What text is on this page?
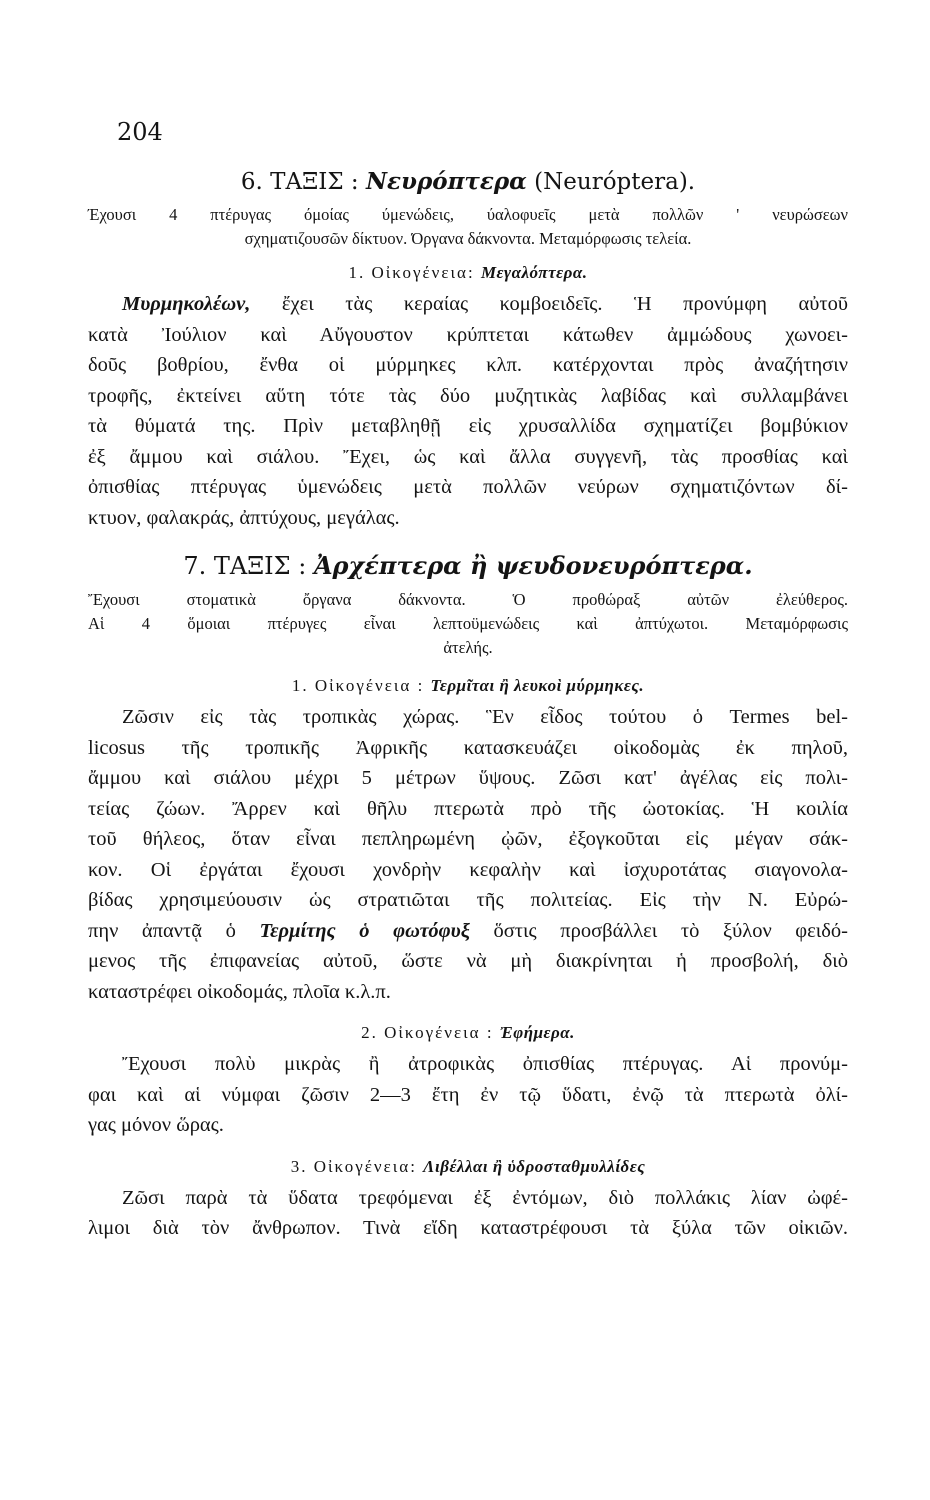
204
6. ΤΑΞΙΣ : Νευρόπτερα (Neuróptera).
Έχουσι 4 πτέρυγας όμοίας ύμενώδεις, ύαλοφυεῖς μετὰ πολλῶν ' νευρώσεων
σχηματιζουσῶν δίκτυον. Όργανα δάκνοντα. Μεταμόρφωσις τελεία.
1. Οἰκογένεια: Μεγαλόπτερα.
Μυρμηκολέων, ἔχει τὰς κεραίας κομβοειδεῖς. Ἡ προνύμφη αὐτοῦ
κατὰ Ἰούλιον καὶ Αὔγουστον κρύπτεται κάτωθεν ἀμμώδους χωνοει-
δοῦς βοθρίου, ἔνθα οἱ μύρμηκες κλπ. κατέρχονται πρὸς ἀναζήτησιν
τροφῆς, ἐκτείνει αὕτη τότε τὰς δύο μυζητικὰς λαβίδας καὶ συλλαμβάνει
τὰ θύματά της. Πρὶν μεταβληθῇ εἰς χρυσαλλίδα σχηματίζει βομβύκιον
ἐξ ἄμμου καὶ σιάλου. Ἔχει, ὡς καὶ ἄλλα συγγενῆ, τὰς προσθίας καὶ
ὀπισθίας πτέρυγας ὑμενώδεις μετὰ πολλῶν νεύρων σχηματιζόντων δί-
κτυον, φαλακράς, ἀπτύχους, μεγάλας.
7. ΤΑΞΙΣ : Ἀρχέπτερα ἢ ψευδονευρόπτερα.
Ἔχουσι στοματικὰ ὄργανα δάκνοντα. Ὁ προθώραξ αὐτῶν ἐλεύθερος.
Αἱ 4 ὅμοιαι πτέρυγες εἶναι λεπτοϋμενώδεις καὶ ἀπτύχωτοι. Μεταμόρφωσις
ἀτελής.
1. Οἰκογένεια : Τερμῖται ἢ λευκοὶ μύρμηκες.
Ζῶσιν εἰς τὰς τροπικὰς χώρας. Ἓν εἶδος τούτου ὁ Termes bel-
licosus τῆς τροπικῆς Ἀφρικῆς κατασκευάζει οἰκοδομὰς ἐκ πηλοῦ,
ἄμμου καὶ σιάλου μέχρι 5 μέτρων ὕψους. Ζῶσι κατ' ἀγέλας εἰς πολι-
τείας ζώων. Ἄρρεν καὶ θῆλυ πτερωτὰ πρὸ τῆς ὠοτοκίας. Ἡ κοιλία
τοῦ θήλεος, ὅταν εἶναι πεπληρωμένη ᾠῶν, ἐξογκοῦται εἰς μέγαν σάκ-
κον. Οἱ ἐργάται ἔχουσι χονδρὴν κεφαλὴν καὶ ἰσχυροτάτας σιαγονολα-
βίδας χρησιμεύουσιν ὡς στρατιῶται τῆς πολιτείας. Εἰς τὴν Ν. Εὐρώ-
πην ἀπαντᾷ ὁ Τερμίτης ὁ φωτόφυξ ὅστις προσβάλλει τὸ ξύλον φειδό-
μενος τῆς ἐπιφανείας αὐτοῦ, ὥστε νὰ μὴ διακρίνηται ἡ προσβολή, διὸ
καταστρέφει οἰκοδομάς, πλοῖα κ.λ.π.
2. Οἰκογένεια : Ἐφήμερα.
Ἔχουσι πολὺ μικρὰς ἢ ἀτροφικὰς ὀπισθίας πτέρυγας. Αἱ προνύμ-
φαι καὶ αἱ νύμφαι ζῶσιν 2—3 ἔτη ἐν τῷ ὕδατι, ἐνῷ τὰ πτερωτὰ ὀλί-
γας μόνον ὥρας.
3. Οἰκογένεια: Λιβέλλαι ἢ ὑδροσταθμυλλίδες
Ζῶσι παρὰ τὰ ὕδατα τρεφόμεναι ἐξ ἐντόμων, διὸ πολλάκις λίαν ὠφέ-
λιμοι διὰ τὸν ἄνθρωπον. Τινὰ εἴδη καταστρέφουσι τὰ ξύλα τῶν οἰκιῶν.
